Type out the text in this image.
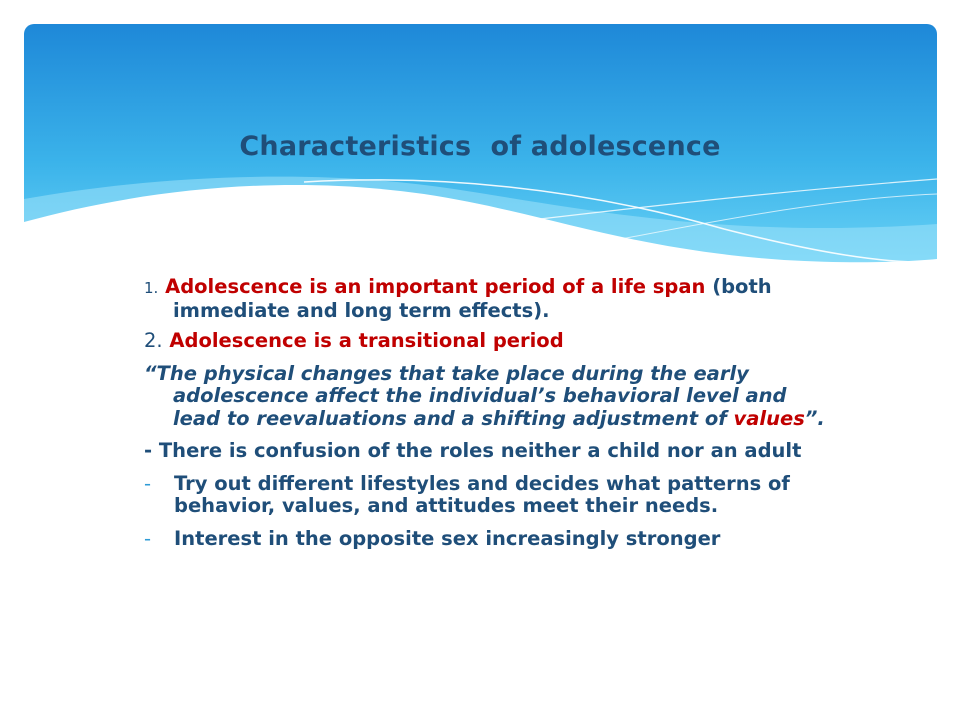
Characteristics of adolescence
1. Adolescence is an important period of a life span (both immediate and long term effects).
2. Adolescence is a transitional period
“The physical changes that take place during the early adolescence affect the individual’s behavioral level and lead to reevaluations and a shifting adjustment of values”.
- There is confusion of the roles neither a child nor an adult
- Try out different lifestyles and decides what patterns of behavior, values, and attitudes meet their needs.
- Interest in the opposite sex increasingly stronger
